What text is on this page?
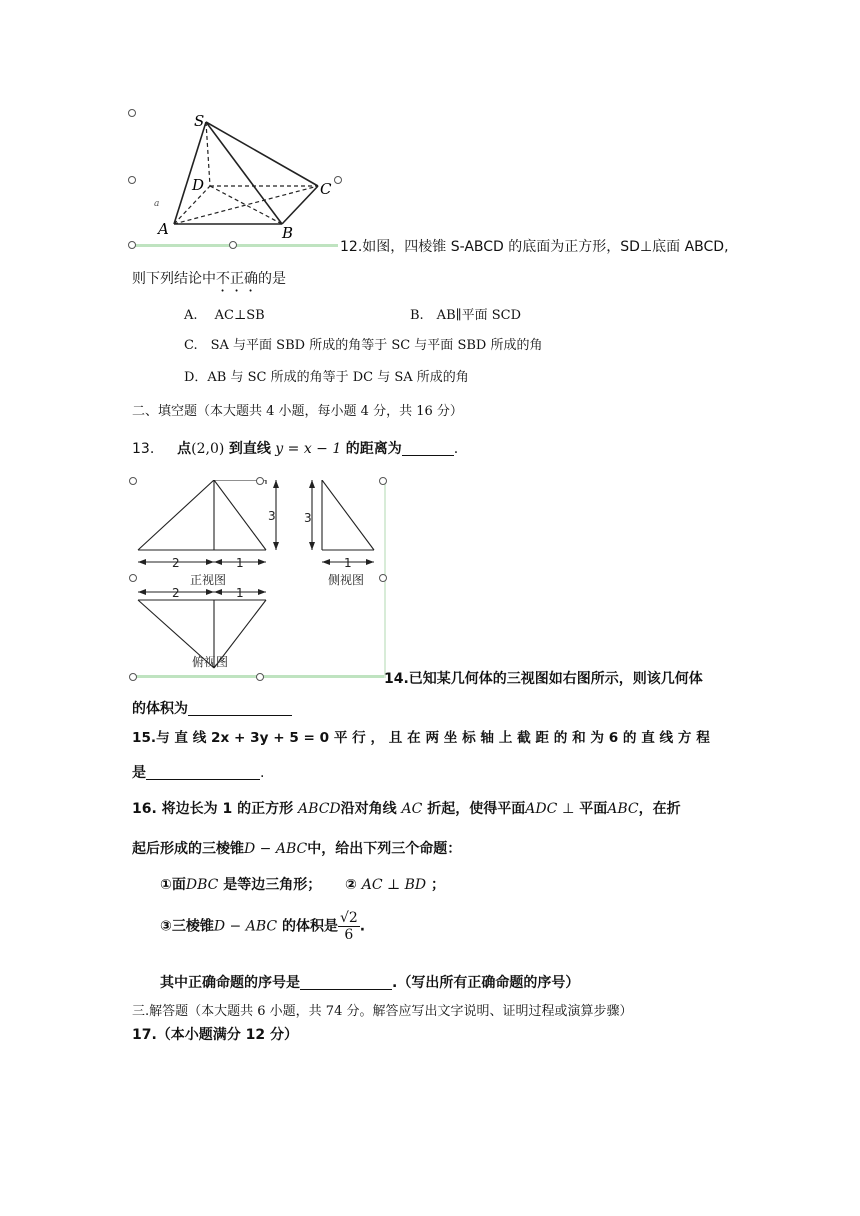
S
D	C
A	B
a
12.如图，四棱锥 S-ABCD 的底面为正方形，SD⊥底面 ABCD,
则下列结论中不正确的是
A.　 AC⊥SB	B.　AB∥平面 SCD
C.　SA 与平面 SBD 所成的角等于 SC 与平面 SBD 所成的角
D．AB 与 SC 所成的角等于 DC 与 SA 所成的角
二、填空题（本大题共 4 小题，每小题 4 分，共 16 分）
13. 点(2,0) 到直线 y = x − 1 的距离为	.
2	1
3 3
1
2	1
正视图	侧视图
俯视图
14.已知某几何体的三视图如右图所示，则该几何体
的体积为
15.与 直 线 2x + 3y + 5 = 0 平 行 ， 且 在 两 坐 标 轴 上 截 距 的 和 为 6 的 直 线 方 程
是	.
16. 将边长为 1 的正方形 ABCD沿对角线 AC 折起，使得平面ADC ⊥ 平面ABC，在折
起后形成的三棱锥D − ABC中，给出下列三个命题：
①面DBC 是等边三角形； ② AC ⊥ BD ；
③三棱锥D − ABC 的体积是 $\frac{√2}{6}$ .
其中正确命题的序号是	.（写出所有正确命题的序号）
三.解答题（本大题共 6 小题，共 74 分。解答应写出文字说明、证明过程或演算步骤）
17.（本小题满分 12 分）
